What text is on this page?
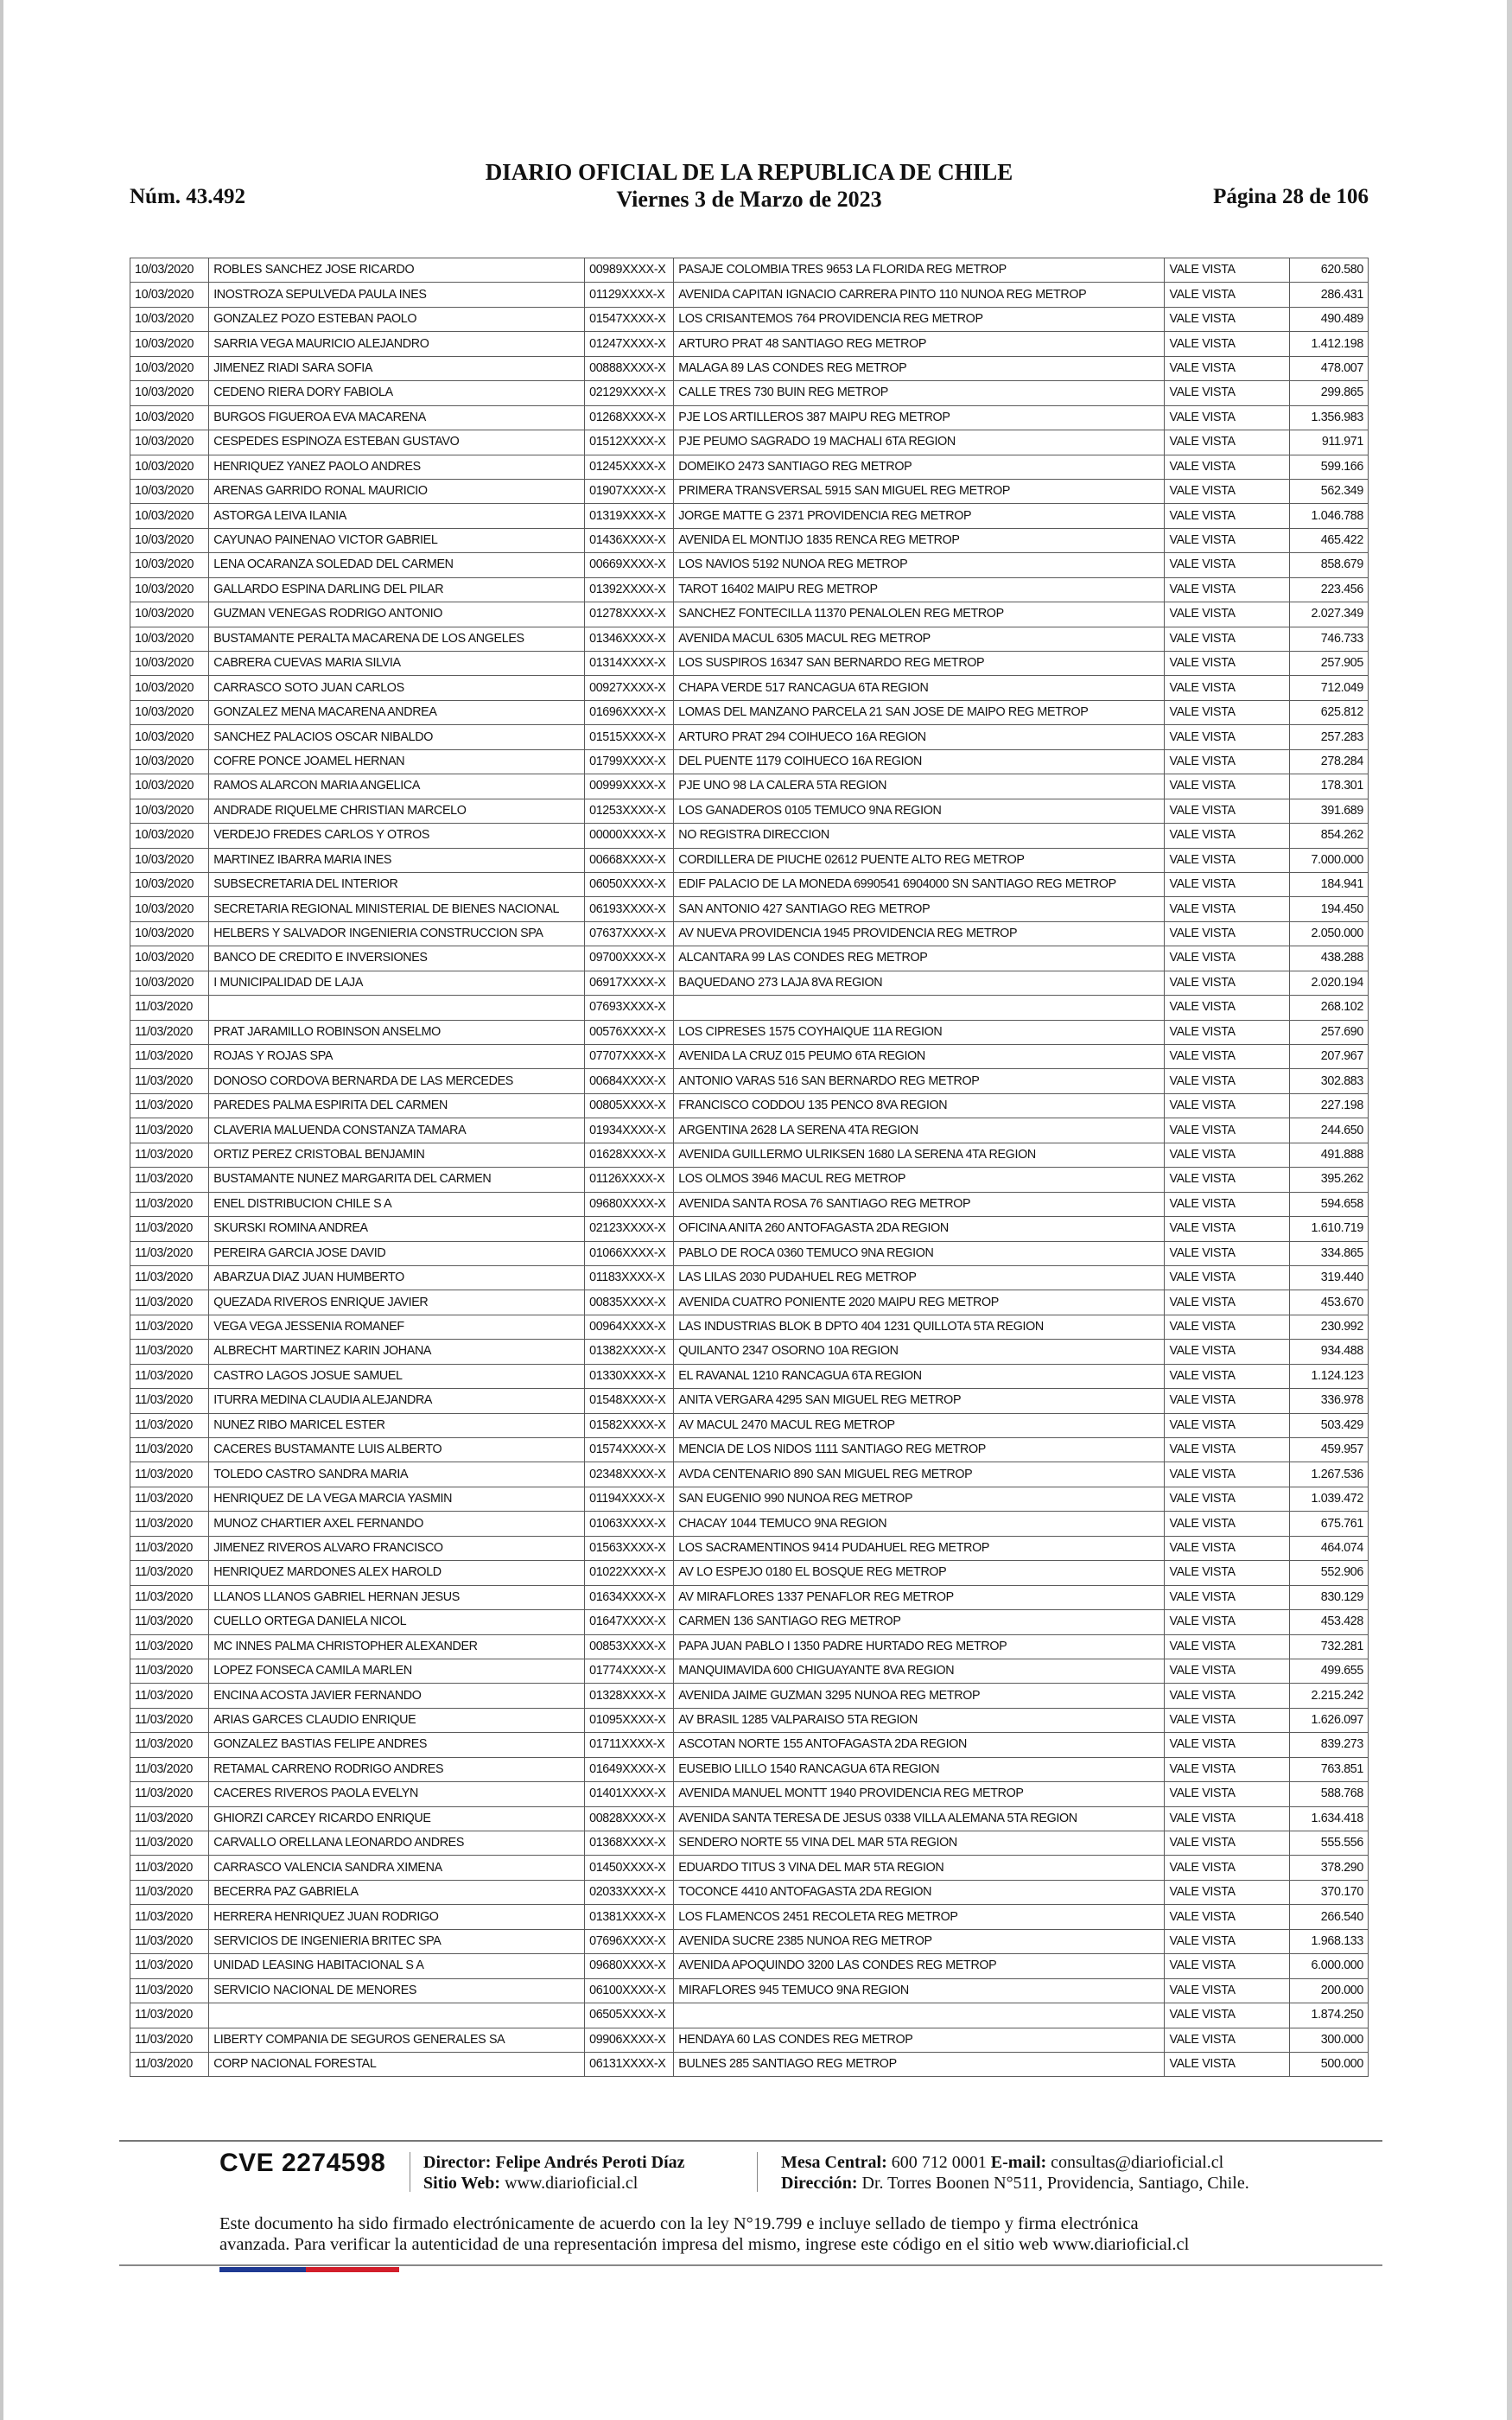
Núm. 43.492
DIARIO OFICIAL DE LA REPUBLICA DE CHILE
Viernes 3 de Marzo de 2023	Página 28 de 106
10/03/2020	ROBLES SANCHEZ JOSE RICARDO	00989XXXX-X	PASAJE COLOMBIA TRES 9653 LA FLORIDA REG METROP	VALE VISTA	620.580
10/03/2020	INOSTROZA SEPULVEDA PAULA INES	01129XXXX-X	AVENIDA CAPITAN IGNACIO CARRERA PINTO 110 NUNOA REG METROP	VALE VISTA	286.431
10/03/2020	GONZALEZ POZO ESTEBAN PAOLO	01547XXXX-X	LOS CRISANTEMOS 764 PROVIDENCIA REG METROP	VALE VISTA	490.489
10/03/2020	SARRIA VEGA MAURICIO ALEJANDRO	01247XXXX-X	ARTURO PRAT 48 SANTIAGO REG METROP	VALE VISTA	1.412.198
10/03/2020	JIMENEZ RIADI SARA SOFIA	00888XXXX-X	MALAGA 89 LAS CONDES REG METROP	VALE VISTA	478.007
10/03/2020	CEDENO RIERA DORY FABIOLA	02129XXXX-X	CALLE TRES 730 BUIN REG METROP	VALE VISTA	299.865
10/03/2020	BURGOS FIGUEROA EVA MACARENA	01268XXXX-X	PJE LOS ARTILLEROS 387 MAIPU REG METROP	VALE VISTA	1.356.983
10/03/2020	CESPEDES ESPINOZA ESTEBAN GUSTAVO	01512XXXX-X	PJE PEUMO SAGRADO 19 MACHALI 6TA REGION	VALE VISTA	911.971
10/03/2020	HENRIQUEZ YANEZ PAOLO ANDRES	01245XXXX-X	DOMEIKO 2473 SANTIAGO REG METROP	VALE VISTA	599.166
10/03/2020	ARENAS GARRIDO RONAL MAURICIO	01907XXXX-X	PRIMERA TRANSVERSAL 5915 SAN MIGUEL REG METROP	VALE VISTA	562.349
10/03/2020	ASTORGA LEIVA ILANIA	01319XXXX-X	JORGE MATTE G 2371 PROVIDENCIA REG METROP	VALE VISTA	1.046.788
10/03/2020	CAYUNAO PAINENAO VICTOR GABRIEL	01436XXXX-X	AVENIDA EL MONTIJO 1835 RENCA REG METROP	VALE VISTA	465.422
10/03/2020	LENA OCARANZA SOLEDAD DEL CARMEN	00669XXXX-X	LOS NAVIOS 5192 NUNOA REG METROP	VALE VISTA	858.679
10/03/2020	GALLARDO ESPINA DARLING DEL PILAR	01392XXXX-X	TAROT 16402 MAIPU REG METROP	VALE VISTA	223.456
10/03/2020	GUZMAN VENEGAS RODRIGO ANTONIO	01278XXXX-X	SANCHEZ FONTECILLA 11370 PENALOLEN REG METROP	VALE VISTA	2.027.349
10/03/2020	BUSTAMANTE PERALTA MACARENA DE LOS ANGELES	01346XXXX-X	AVENIDA MACUL 6305 MACUL REG METROP	VALE VISTA	746.733
10/03/2020	CABRERA CUEVAS MARIA SILVIA	01314XXXX-X	LOS SUSPIROS 16347 SAN BERNARDO REG METROP	VALE VISTA	257.905
10/03/2020	CARRASCO SOTO JUAN CARLOS	00927XXXX-X	CHAPA VERDE 517 RANCAGUA 6TA REGION	VALE VISTA	712.049
10/03/2020	GONZALEZ MENA MACARENA ANDREA	01696XXXX-X	LOMAS DEL MANZANO PARCELA 21 SAN JOSE DE MAIPO REG METROP	VALE VISTA	625.812
10/03/2020	SANCHEZ PALACIOS OSCAR NIBALDO	01515XXXX-X	ARTURO PRAT 294 COIHUECO 16A REGION	VALE VISTA	257.283
10/03/2020	COFRE PONCE JOAMEL HERNAN	01799XXXX-X	DEL PUENTE 1179 COIHUECO 16A REGION	VALE VISTA	278.284
10/03/2020	RAMOS ALARCON MARIA ANGELICA	00999XXXX-X	PJE UNO 98 LA CALERA 5TA REGION	VALE VISTA	178.301
10/03/2020	ANDRADE RIQUELME CHRISTIAN MARCELO	01253XXXX-X	LOS GANADEROS 0105 TEMUCO 9NA REGION	VALE VISTA	391.689
10/03/2020	VERDEJO FREDES CARLOS Y OTROS	00000XXXX-X	NO REGISTRA DIRECCION	VALE VISTA	854.262
10/03/2020	MARTINEZ IBARRA MARIA INES	00668XXXX-X	CORDILLERA DE PIUCHE 02612 PUENTE ALTO REG METROP	VALE VISTA	7.000.000
10/03/2020	SUBSECRETARIA DEL INTERIOR	06050XXXX-X	EDIF PALACIO DE LA MONEDA 6990541 6904000 SN SANTIAGO REG METROP	VALE VISTA	184.941
10/03/2020	SECRETARIA REGIONAL MINISTERIAL DE BIENES NACIONAL	06193XXXX-X	SAN ANTONIO 427 SANTIAGO REG METROP	VALE VISTA	194.450
10/03/2020	HELBERS Y SALVADOR INGENIERIA CONSTRUCCION SPA	07637XXXX-X	AV NUEVA PROVIDENCIA 1945 PROVIDENCIA REG METROP	VALE VISTA	2.050.000
10/03/2020	BANCO DE CREDITO E INVERSIONES	09700XXXX-X	ALCANTARA 99 LAS CONDES REG METROP	VALE VISTA	438.288
10/03/2020	I MUNICIPALIDAD DE LAJA	06917XXXX-X	BAQUEDANO 273 LAJA 8VA REGION	VALE VISTA	2.020.194
11/03/2020		07693XXXX-X		VALE VISTA	268.102
11/03/2020	PRAT JARAMILLO ROBINSON ANSELMO	00576XXXX-X	LOS CIPRESES 1575 COYHAIQUE 11A REGION	VALE VISTA	257.690
11/03/2020	ROJAS Y ROJAS SPA	07707XXXX-X	AVENIDA LA CRUZ 015 PEUMO 6TA REGION	VALE VISTA	207.967
11/03/2020	DONOSO CORDOVA BERNARDA DE LAS MERCEDES	00684XXXX-X	ANTONIO VARAS 516 SAN BERNARDO REG METROP	VALE VISTA	302.883
11/03/2020	PAREDES PALMA ESPIRITA DEL CARMEN	00805XXXX-X	FRANCISCO CODDOU 135 PENCO 8VA REGION	VALE VISTA	227.198
11/03/2020	CLAVERIA MALUENDA CONSTANZA TAMARA	01934XXXX-X	ARGENTINA 2628 LA SERENA 4TA REGION	VALE VISTA	244.650
11/03/2020	ORTIZ PEREZ CRISTOBAL BENJAMIN	01628XXXX-X	AVENIDA GUILLERMO ULRIKSEN 1680 LA SERENA 4TA REGION	VALE VISTA	491.888
11/03/2020	BUSTAMANTE NUNEZ MARGARITA DEL CARMEN	01126XXXX-X	LOS OLMOS 3946 MACUL REG METROP	VALE VISTA	395.262
11/03/2020	ENEL DISTRIBUCION CHILE S A	09680XXXX-X	AVENIDA SANTA ROSA 76 SANTIAGO REG METROP	VALE VISTA	594.658
11/03/2020	SKURSKI ROMINA ANDREA	02123XXXX-X	OFICINA ANITA 260 ANTOFAGASTA 2DA REGION	VALE VISTA	1.610.719
11/03/2020	PEREIRA GARCIA JOSE DAVID	01066XXXX-X	PABLO DE ROCA 0360 TEMUCO 9NA REGION	VALE VISTA	334.865
11/03/2020	ABARZUA DIAZ JUAN HUMBERTO	01183XXXX-X	LAS LILAS 2030 PUDAHUEL REG METROP	VALE VISTA	319.440
11/03/2020	QUEZADA RIVEROS ENRIQUE JAVIER	00835XXXX-X	AVENIDA CUATRO PONIENTE 2020 MAIPU REG METROP	VALE VISTA	453.670
11/03/2020	VEGA VEGA JESSENIA ROMANEF	00964XXXX-X	LAS INDUSTRIAS BLOK B DPTO 404 1231 QUILLOTA 5TA REGION	VALE VISTA	230.992
11/03/2020	ALBRECHT MARTINEZ KARIN JOHANA	01382XXXX-X	QUILANTO 2347 OSORNO 10A REGION	VALE VISTA	934.488
11/03/2020	CASTRO LAGOS JOSUE SAMUEL	01330XXXX-X	EL RAVANAL 1210 RANCAGUA 6TA REGION	VALE VISTA	1.124.123
11/03/2020	ITURRA MEDINA CLAUDIA ALEJANDRA	01548XXXX-X	ANITA VERGARA 4295 SAN MIGUEL REG METROP	VALE VISTA	336.978
11/03/2020	NUNEZ RIBO MARICEL ESTER	01582XXXX-X	AV MACUL 2470 MACUL REG METROP	VALE VISTA	503.429
11/03/2020	CACERES BUSTAMANTE LUIS ALBERTO	01574XXXX-X	MENCIA DE LOS NIDOS 1111 SANTIAGO REG METROP	VALE VISTA	459.957
11/03/2020	TOLEDO CASTRO SANDRA MARIA	02348XXXX-X	AVDA CENTENARIO 890 SAN MIGUEL REG METROP	VALE VISTA	1.267.536
11/03/2020	HENRIQUEZ DE LA VEGA MARCIA YASMIN	01194XXXX-X	SAN EUGENIO 990 NUNOA REG METROP	VALE VISTA	1.039.472
11/03/2020	MUNOZ CHARTIER AXEL FERNANDO	01063XXXX-X	CHACAY 1044 TEMUCO 9NA REGION	VALE VISTA	675.761
11/03/2020	JIMENEZ RIVEROS ALVARO FRANCISCO	01563XXXX-X	LOS SACRAMENTINOS 9414 PUDAHUEL REG METROP	VALE VISTA	464.074
11/03/2020	HENRIQUEZ MARDONES ALEX HAROLD	01022XXXX-X	AV LO ESPEJO 0180 EL BOSQUE REG METROP	VALE VISTA	552.906
11/03/2020	LLANOS LLANOS GABRIEL HERNAN JESUS	01634XXXX-X	AV MIRAFLORES 1337 PENAFLOR REG METROP	VALE VISTA	830.129
11/03/2020	CUELLO ORTEGA DANIELA NICOL	01647XXXX-X	CARMEN 136 SANTIAGO REG METROP	VALE VISTA	453.428
11/03/2020	MC INNES PALMA CHRISTOPHER ALEXANDER	00853XXXX-X	PAPA JUAN PABLO I 1350 PADRE HURTADO REG METROP	VALE VISTA	732.281
11/03/2020	LOPEZ FONSECA CAMILA MARLEN	01774XXXX-X	MANQUIMAVIDA 600 CHIGUAYANTE 8VA REGION	VALE VISTA	499.655
11/03/2020	ENCINA ACOSTA JAVIER FERNANDO	01328XXXX-X	AVENIDA JAIME GUZMAN 3295 NUNOA REG METROP	VALE VISTA	2.215.242
11/03/2020	ARIAS GARCES CLAUDIO ENRIQUE	01095XXXX-X	AV BRASIL 1285 VALPARAISO 5TA REGION	VALE VISTA	1.626.097
11/03/2020	GONZALEZ BASTIAS FELIPE ANDRES	01711XXXX-X	ASCOTAN NORTE 155 ANTOFAGASTA 2DA REGION	VALE VISTA	839.273
11/03/2020	RETAMAL CARRENO RODRIGO ANDRES	01649XXXX-X	EUSEBIO LILLO 1540 RANCAGUA 6TA REGION	VALE VISTA	763.851
11/03/2020	CACERES RIVEROS PAOLA EVELYN	01401XXXX-X	AVENIDA MANUEL MONTT 1940 PROVIDENCIA REG METROP	VALE VISTA	588.768
11/03/2020	GHIORZI CARCEY RICARDO ENRIQUE	00828XXXX-X	AVENIDA SANTA TERESA DE JESUS 0338 VILLA ALEMANA 5TA REGION	VALE VISTA	1.634.418
11/03/2020	CARVALLO ORELLANA LEONARDO ANDRES	01368XXXX-X	SENDERO NORTE 55 VINA DEL MAR 5TA REGION	VALE VISTA	555.556
11/03/2020	CARRASCO VALENCIA SANDRA XIMENA	01450XXXX-X	EDUARDO TITUS 3 VINA DEL MAR 5TA REGION	VALE VISTA	378.290
11/03/2020	BECERRA PAZ GABRIELA	02033XXXX-X	TOCONCE 4410 ANTOFAGASTA 2DA REGION	VALE VISTA	370.170
11/03/2020	HERRERA HENRIQUEZ JUAN RODRIGO	01381XXXX-X	LOS FLAMENCOS 2451 RECOLETA REG METROP	VALE VISTA	266.540
11/03/2020	SERVICIOS DE INGENIERIA BRITEC SPA	07696XXXX-X	AVENIDA SUCRE 2385 NUNOA REG METROP	VALE VISTA	1.968.133
11/03/2020	UNIDAD LEASING HABITACIONAL S A	09680XXXX-X	AVENIDA APOQUINDO 3200 LAS CONDES REG METROP	VALE VISTA	6.000.000
11/03/2020	SERVICIO NACIONAL DE MENORES	06100XXXX-X	MIRAFLORES 945 TEMUCO 9NA REGION	VALE VISTA	200.000
11/03/2020		06505XXXX-X		VALE VISTA	1.874.250
11/03/2020	LIBERTY COMPANIA DE SEGUROS GENERALES SA	09906XXXX-X	HENDAYA 60 LAS CONDES REG METROP	VALE VISTA	300.000
11/03/2020	CORP NACIONAL FORESTAL	06131XXXX-X	BULNES 285 SANTIAGO REG METROP	VALE VISTA	500.000
CVE 2274598 Director: Felipe Andrés Peroti Díaz
Sitio Web: www.diarioficial.cl
Mesa Central: 600 712 0001 E-mail: consultas@diarioficial.cl
Dirección: Dr. Torres Boonen N°511, Providencia, Santiago, Chile.
Este documento ha sido firmado electrónicamente de acuerdo con la ley N°19.799 e incluye sellado de tiempo y firma electrónica
avanzada. Para verificar la autenticidad de una representación impresa del mismo, ingrese este código en el sitio web www.diarioficial.cl
